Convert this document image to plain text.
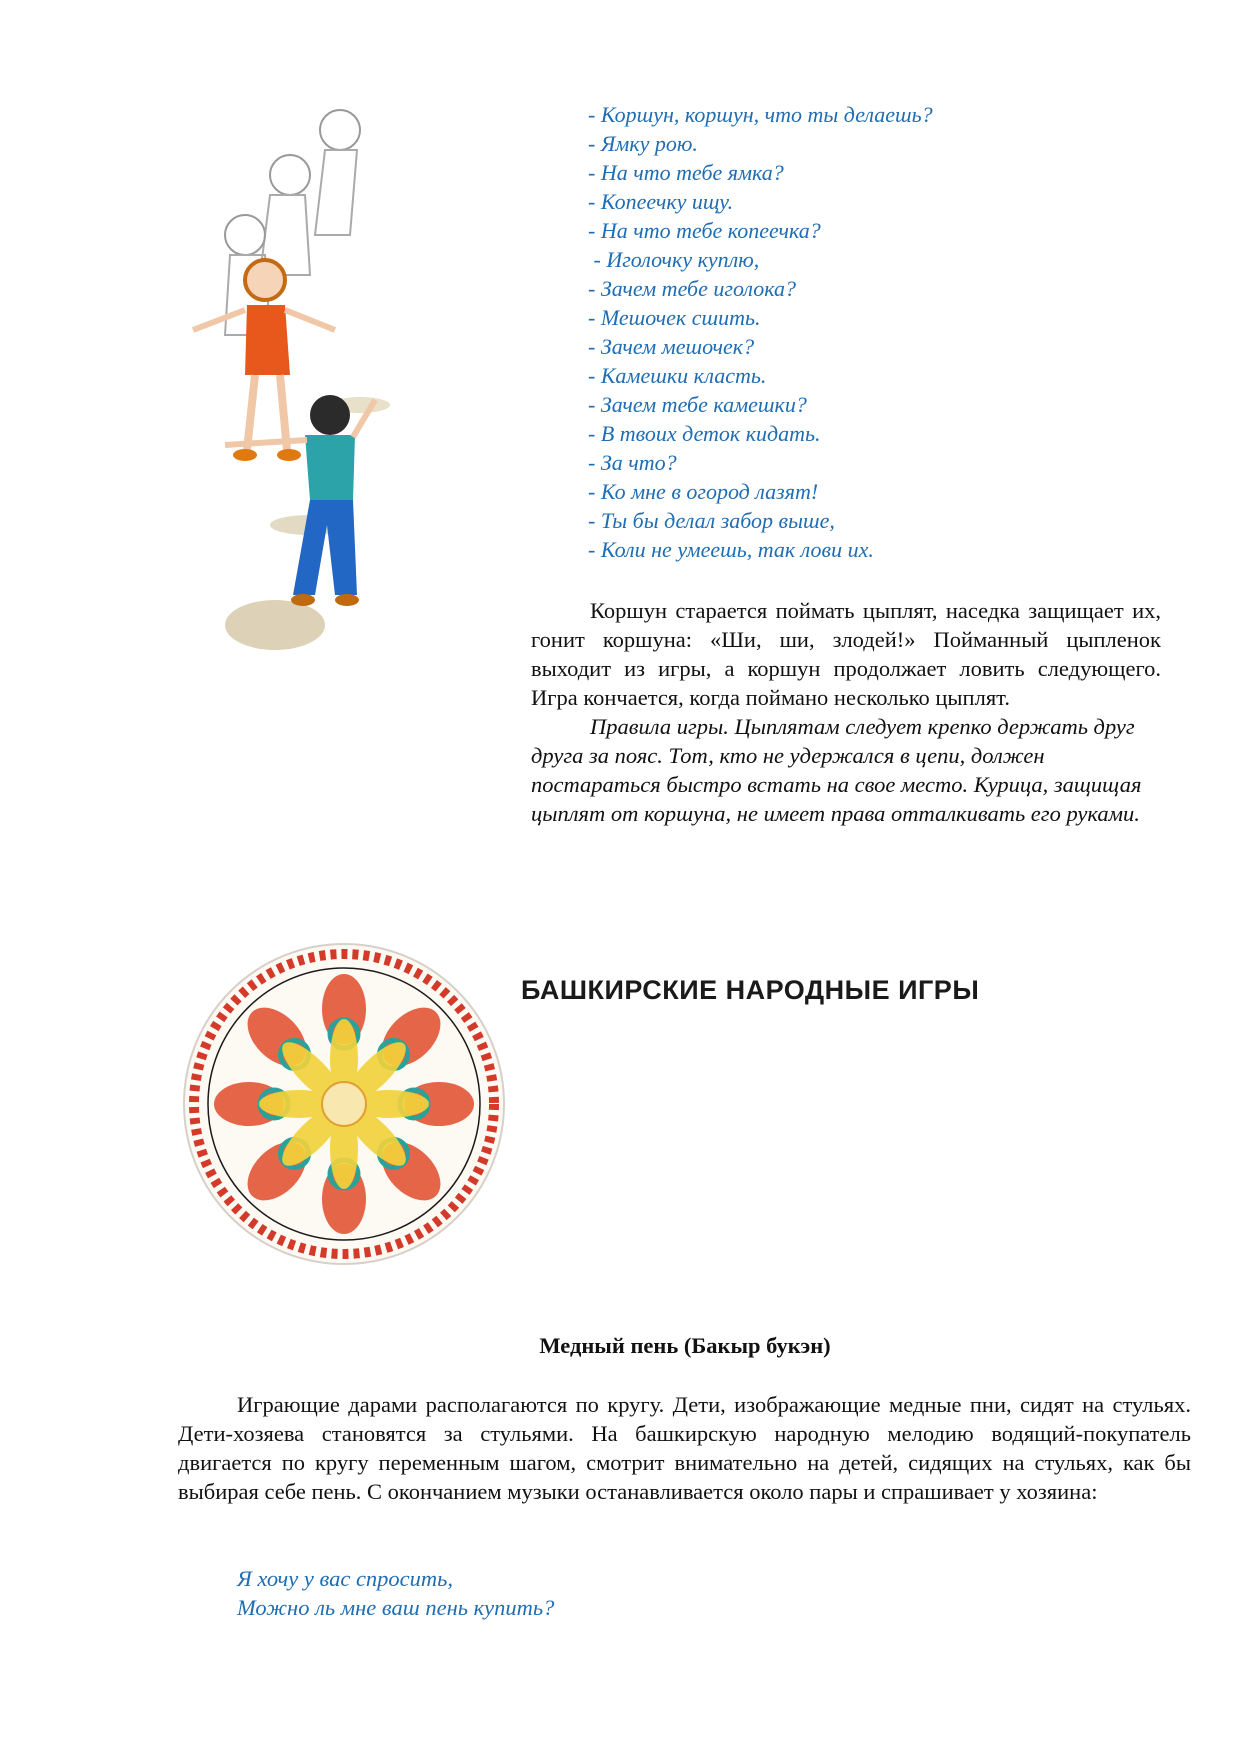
- Коршун, коршун, что ты делаешь?
- Ямку рою.
- На что тебе ямка?
- Копеечку ищу.
- На что тебе копеечка?
- Иголочку куплю,
- Зачем тебе иголока?
- Мешочек сшить.
- Зачем мешочек?
- Камешки класть.
- Зачем тебе камешки?
- В твоих деток кидать.
- За что?
- Ко мне в огород лазят!
- Ты бы делал забор выше,
- Коли не умеешь, так лови их.

Коршун старается поймать цыплят, наседка защищает их, гонит коршуна: «Ши, ши, злодей!» Пойманный цыпленок выходит из игры, а коршун продолжает ловить следующего. Игра кончается, когда поймано несколько цыплят.

Правила игры. Цыплятам следует крепко держать друг друга за пояс. Тот, кто не удержался в цепи, должен постараться быстро встать на свое место. Курица, защищая цыплят от коршуна, не имеет права отталкивать его руками.

БАШКИРСКИЕ НАРОДНЫЕ ИГРЫ
Медный пень (Бакыр букэн)

Играющие дарами располагаются по кругу. Дети, изображающие медные пни, сидят на стульях. Дети-хозяева становятся за стульями. На башкирскую народную мелодию водящий-покупатель двигается по кругу переменным шагом, смотрит внимательно на детей, сидящих на стульях, как бы выбирая себе пень. С окончанием музыки останавливается около пары и спрашивает у хозяина:

Я хочу у вас спросить,
Можно ль мне ваш пень купить?
